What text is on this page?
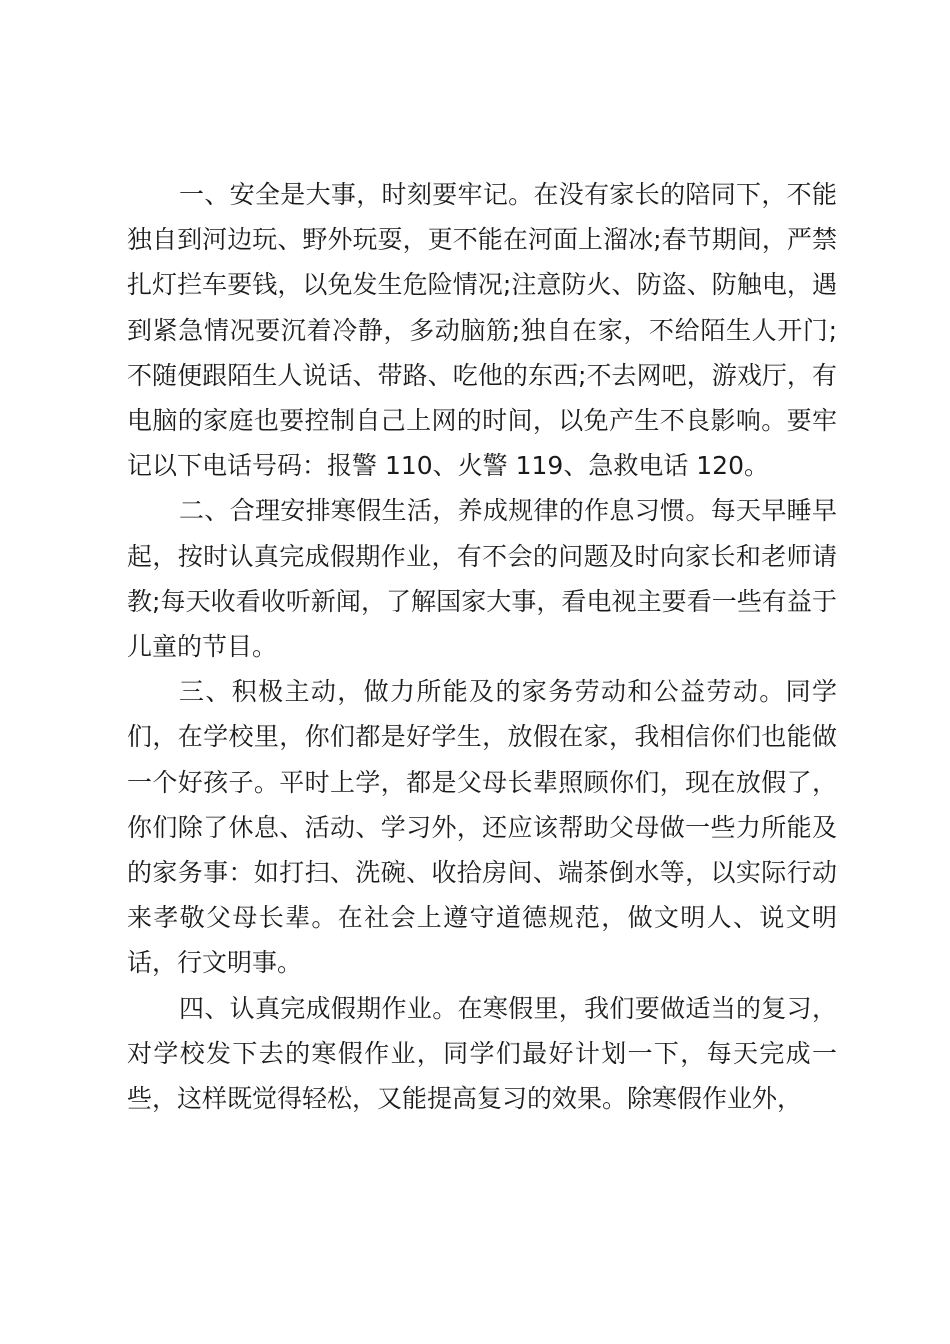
一、安全是大事，时刻要牢记。在没有家长的陪同下，不能独自到河边玩、野外玩耍，更不能在河面上溜冰;春节期间，严禁扎灯拦车要钱，以免发生危险情况;注意防火、防盗、防触电，遇到紧急情况要沉着冷静，多动脑筋;独自在家，不给陌生人开门;不随便跟陌生人说话、带路、吃他的东西;不去网吧，游戏厅，有电脑的家庭也要控制自己上网的时间，以免产生不良影响。要牢记以下电话号码：报警 110、火警 119、急救电话 120。

二、合理安排寒假生活，养成规律的作息习惯。每天早睡早起，按时认真完成假期作业，有不会的问题及时向家长和老师请教;每天收看收听新闻，了解国家大事，看电视主要看一些有益于儿童的节目。

三、积极主动，做力所能及的家务劳动和公益劳动。同学们，在学校里，你们都是好学生，放假在家，我相信你们也能做一个好孩子。平时上学，都是父母长辈照顾你们，现在放假了，你们除了休息、活动、学习外，还应该帮助父母做一些力所能及的家务事：如打扫、洗碗、收拾房间、端茶倒水等，以实际行动来孝敬父母长辈。在社会上遵守道德规范，做文明人、说文明话，行文明事。

四、认真完成假期作业。在寒假里，我们要做适当的复习，对学校发下去的寒假作业，同学们最好计划一下，每天完成一些，这样既觉得轻松，又能提高复习的效果。除寒假作业外，
